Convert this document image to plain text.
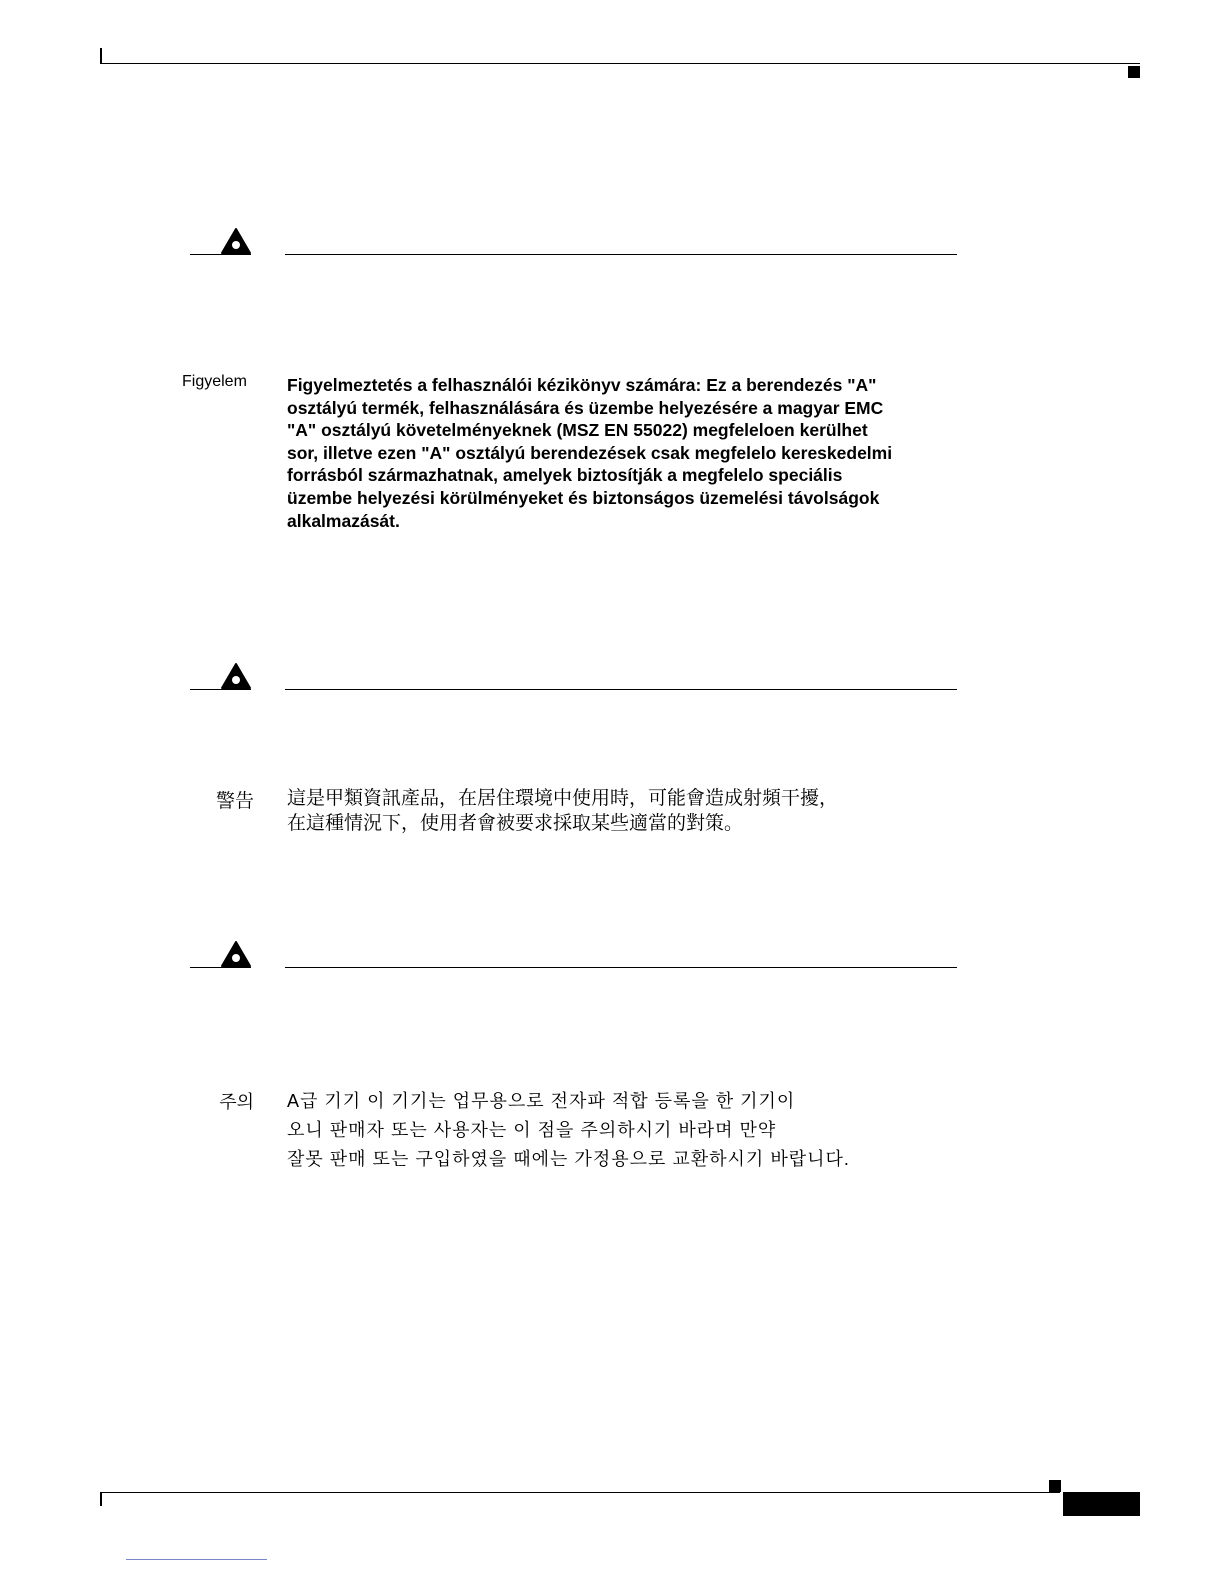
Figyelem	Figyelmeztetés a felhasználói kézikönyv számára: Ez a berendezés "A"
osztályú termék, felhasználására és üzembe helyezésére a magyar EMC
"A" osztályú követelményeknek (MSZ EN 55022) megfeleloen kerülhet
sor, illetve ezen "A" osztályú berendezések csak megfelelo kereskedelmi
forrásból származhatnak, amelyek biztosítják a megfelelo speciális
üzembe helyezési körülményeket és biztonságos üzemelési távolságok
alkalmazását.
警告 這是甲類資訊產品，在居住環境中使用時，可能會造成射頻干擾，
在這種情況下，使用者會被要求採取某些適當的對策。
주의 A급 기기 이 기기는 업무용으로 전자파 적합 등록을 한 기기이
오니 판매자 또는 사용자는 이 점을 주의하시기 바라며 만약
잘못 판매 또는 구입하였을 때에는 가정용으로 교환하시기 바랍니다.
